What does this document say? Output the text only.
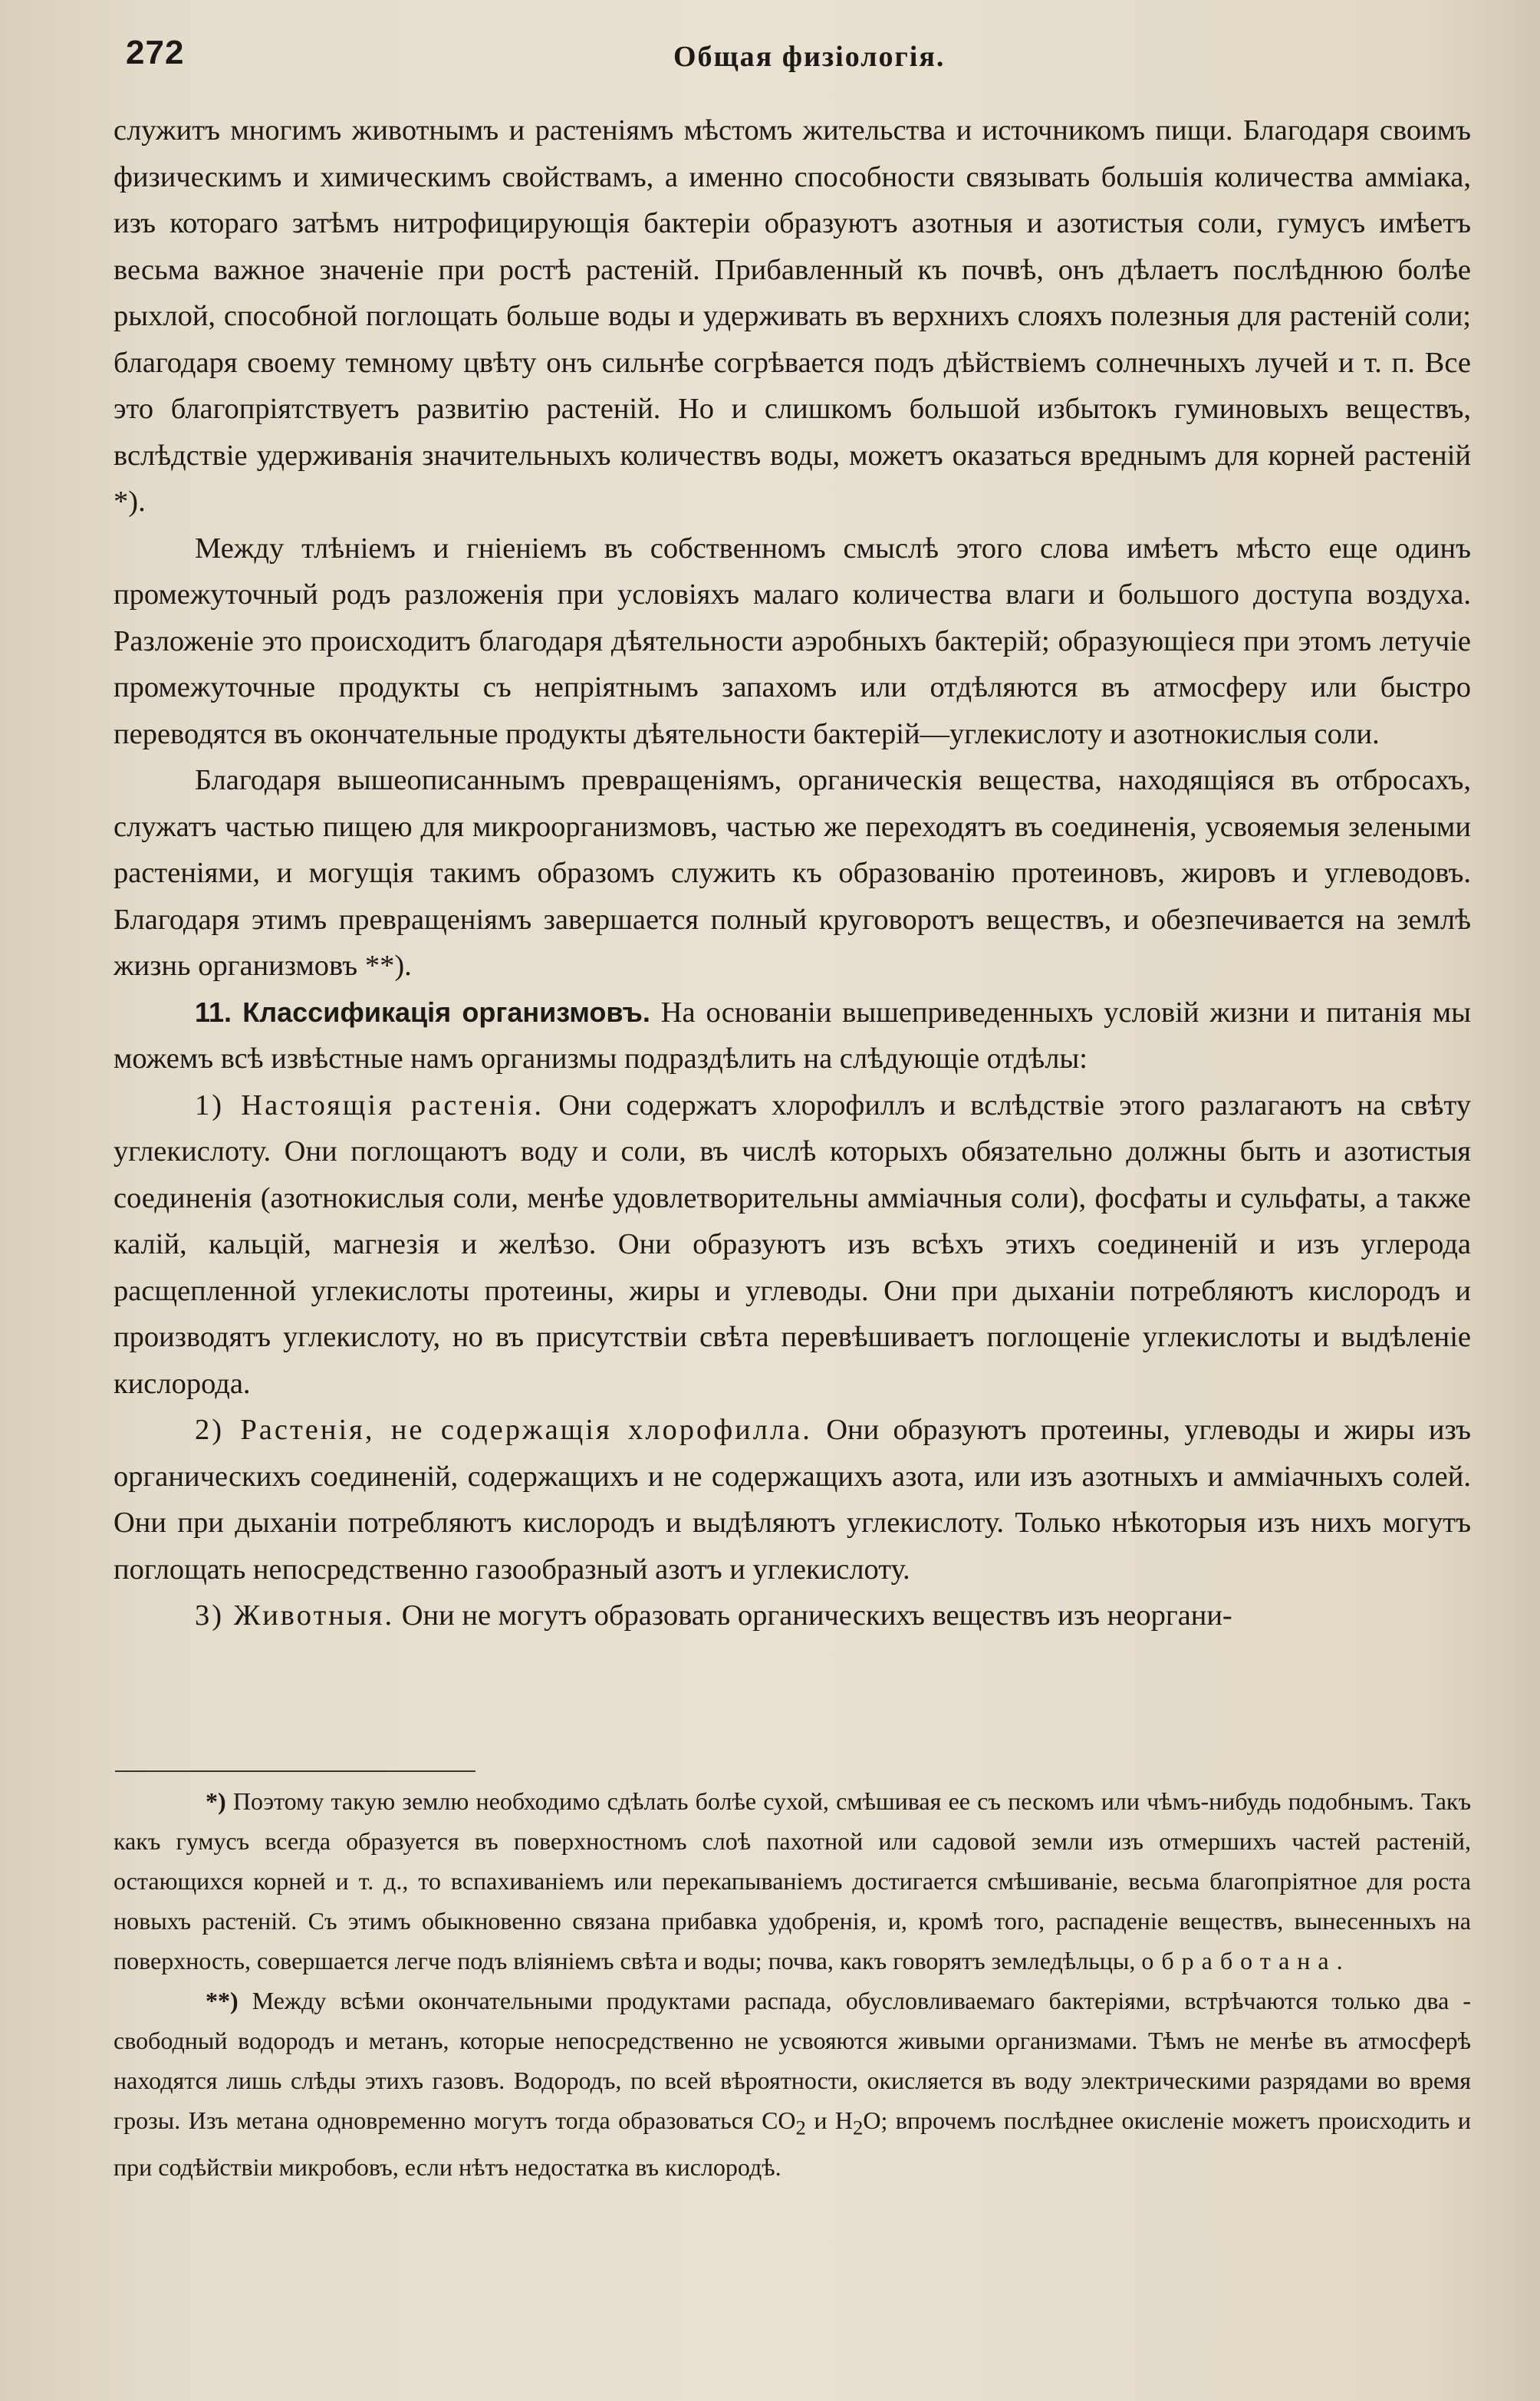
272	Общая физіологія.

служитъ многимъ животнымъ и растеніямъ мѣстомъ жительства и источникомъ пищи. Благодаря своимъ физическимъ и химическимъ свойствамъ, а именно способности связывать большія количества амміака, изъ котораго затѣмъ нитрофицирующія бактеріи образуютъ азотныя и азотистыя соли, гумусъ имѣетъ весьма важное значеніе при ростѣ растеній. Прибавленный къ почвѣ, онъ дѣлаетъ послѣднюю болѣе рыхлой, способной поглощать больше воды и удерживать въ верхнихъ слояхъ полезныя для растеній соли; благодаря своему темному цвѣту онъ сильнѣе согрѣвается подъ дѣйствіемъ солнечныхъ лучей и т. п. Все это благопріятствуетъ развитію растеній. Но и слишкомъ большой избытокъ гуминовыхъ веществъ, вслѣдствіе удерживанія значительныхъ количествъ воды, можетъ оказаться вреднымъ для корней растеній *).

Между тлѣніемъ и гніеніемъ въ собственномъ смыслѣ этого слова имѣетъ мѣсто еще одинъ промежуточный родъ разложенія при условіяхъ малаго количества влаги и большого доступа воздуха. Разложеніе это происходитъ благодаря дѣятельности аэробныхъ бактерій; образующіеся при этомъ летучіе промежуточные продукты съ непріятнымъ запахомъ или отдѣляются въ атмосферу или быстро переводятся въ окончательные продукты дѣятельности бактерій—углекислоту и азотнокислыя соли.

Благодаря вышеописаннымъ превращеніямъ, органическія вещества, находящіяся въ отбросахъ, служатъ частью пищею для микроорганизмовъ, частью же переходятъ въ соединенія, усвояемыя зелеными растеніями, и могущія такимъ образомъ служить къ образованію протеиновъ, жировъ и углеводовъ. Благодаря этимъ превращеніямъ завершается полный круговоротъ веществъ, и обезпечивается на землѣ жизнь организмовъ **).

11. Классификація организмовъ. На основаніи вышеприведенныхъ условій жизни и питанія мы можемъ всѣ извѣстные намъ организмы подраздѣлить на слѣдующіе отдѣлы:

1) Настоящія растенія. Они содержатъ хлорофиллъ и вслѣдствіе этого разлагаютъ на свѣту углекислоту. Они поглощаютъ воду и соли, въ числѣ которыхъ обязательно должны быть и азотистыя соединенія (азотнокислыя соли, менѣе удовлетворительны амміачныя соли), фосфаты и сульфаты, а также калій, кальцій, магнезія и желѣзо. Они образуютъ изъ всѣхъ этихъ соединеній и изъ углерода расщепленной углекислоты протеины, жиры и углеводы. Они при дыханіи потребляютъ кислородъ и производятъ углекислоту, но въ присутствіи свѣта перевѣшиваетъ поглощеніе углекислоты и выдѣленіе кислорода.

2) Растенія, не содержащія хлорофилла. Они образуютъ протеины, углеводы и жиры изъ органическихъ соединеній, содержащихъ и не содержащихъ азота, или изъ азотныхъ и амміачныхъ солей. Они при дыханіи потребляютъ кислородъ и выдѣляютъ углекислоту. Только нѣкоторыя изъ нихъ могутъ поглощать непосредственно газообразный азотъ и углекислоту.

3) Животныя. Они не могутъ образовать органическихъ веществъ изъ неоргани-

*) Поэтому такую землю необходимо сдѣлать болѣе сухой, смѣшивая ее съ пескомъ или чѣмъ-нибудь подобнымъ. Такъ какъ гумусъ всегда образуется въ поверхностномъ слоѣ пахотной или садовой земли изъ отмершихъ частей растеній, остающихся корней и т. д., то вспахиваніемъ или перекапываніемъ достигается смѣшиваніе, весьма благопріятное для роста новыхъ растеній. Съ этимъ обыкновенно связана прибавка удобренія, и, кромѣ того, распаденіе веществъ, вынесенныхъ на поверхность, совершается легче подъ вліяніемъ свѣта и воды; почва, какъ говорятъ земледѣльцы, обработана.

**) Между всѣми окончательными продуктами распада, обусловливаемаго бактеріями, встрѣчаются только два - свободный водородъ и метанъ, которые непосредственно не усвояются живыми организмами. Тѣмъ не менѣе въ атмосферѣ находятся лишь слѣды этихъ газовъ. Водородъ, по всей вѣроятности, окисляется въ воду электрическими разрядами во время грозы. Изъ метана одновременно могутъ тогда образоваться $CO_2$ и $H_2O$; впрочемъ послѣднее окисленіе можетъ происходить и при содѣйствіи микробовъ, если нѣтъ недостатка въ кислородѣ.
